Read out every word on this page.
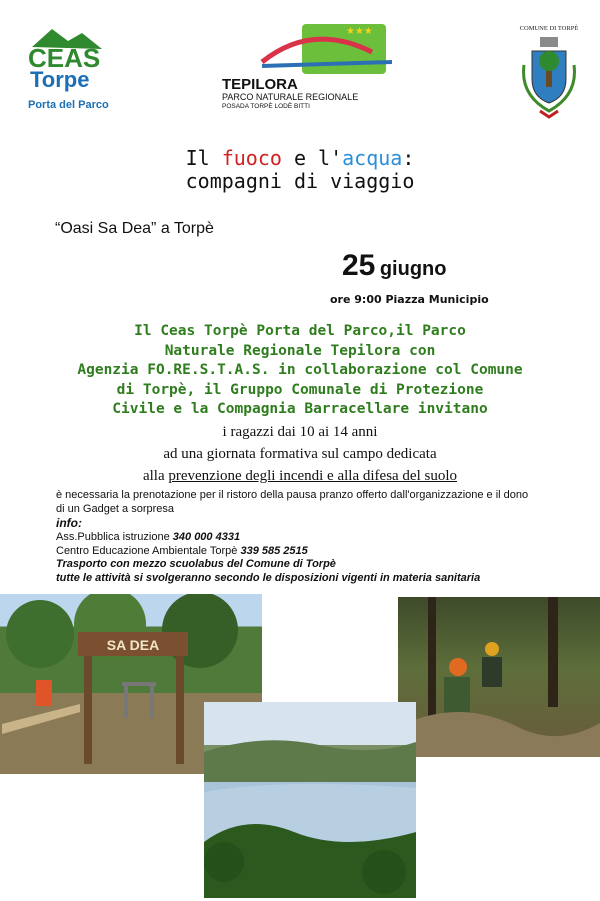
CEAS
Torpe
Porta del Parco
★★★
TEPILORA
PARCO NATURALE REGIONALE
POSADA TORPÈ LODÈ BITTI
COMUNE DI TORPÈ
Il fuoco e l'acqua:
compagni di viaggio
“Oasi Sa Dea” a Torpè
25 giugno
ore 9:00 Piazza Municipio
Il Ceas Torpè Porta del Parco,il Parco
Naturale Regionale Tepilora con
Agenzia FO.RE.S.T.A.S. in collaborazione col Comune
di Torpè, il Gruppo Comunale di Protezione
Civile e la Compagnia Barracellare invitano
i ragazzi dai 10 ai 14 anni
ad una giornata formativa sul campo dedicata
alla prevenzione degli incendi e alla difesa del suolo
è necessaria la prenotazione per il ristoro della pausa pranzo offerto dall'organizzazione e il dono
di un Gadget a sorpresa
info:
Ass.Pubblica istruzione 340 000 4331
Centro Educazione Ambientale Torpè 339 585 2515
Trasporto con mezzo scuolabus del Comune di Torpè
tutte le attività si svolgeranno secondo le disposizioni vigenti in materia sanitaria
SA DEA
